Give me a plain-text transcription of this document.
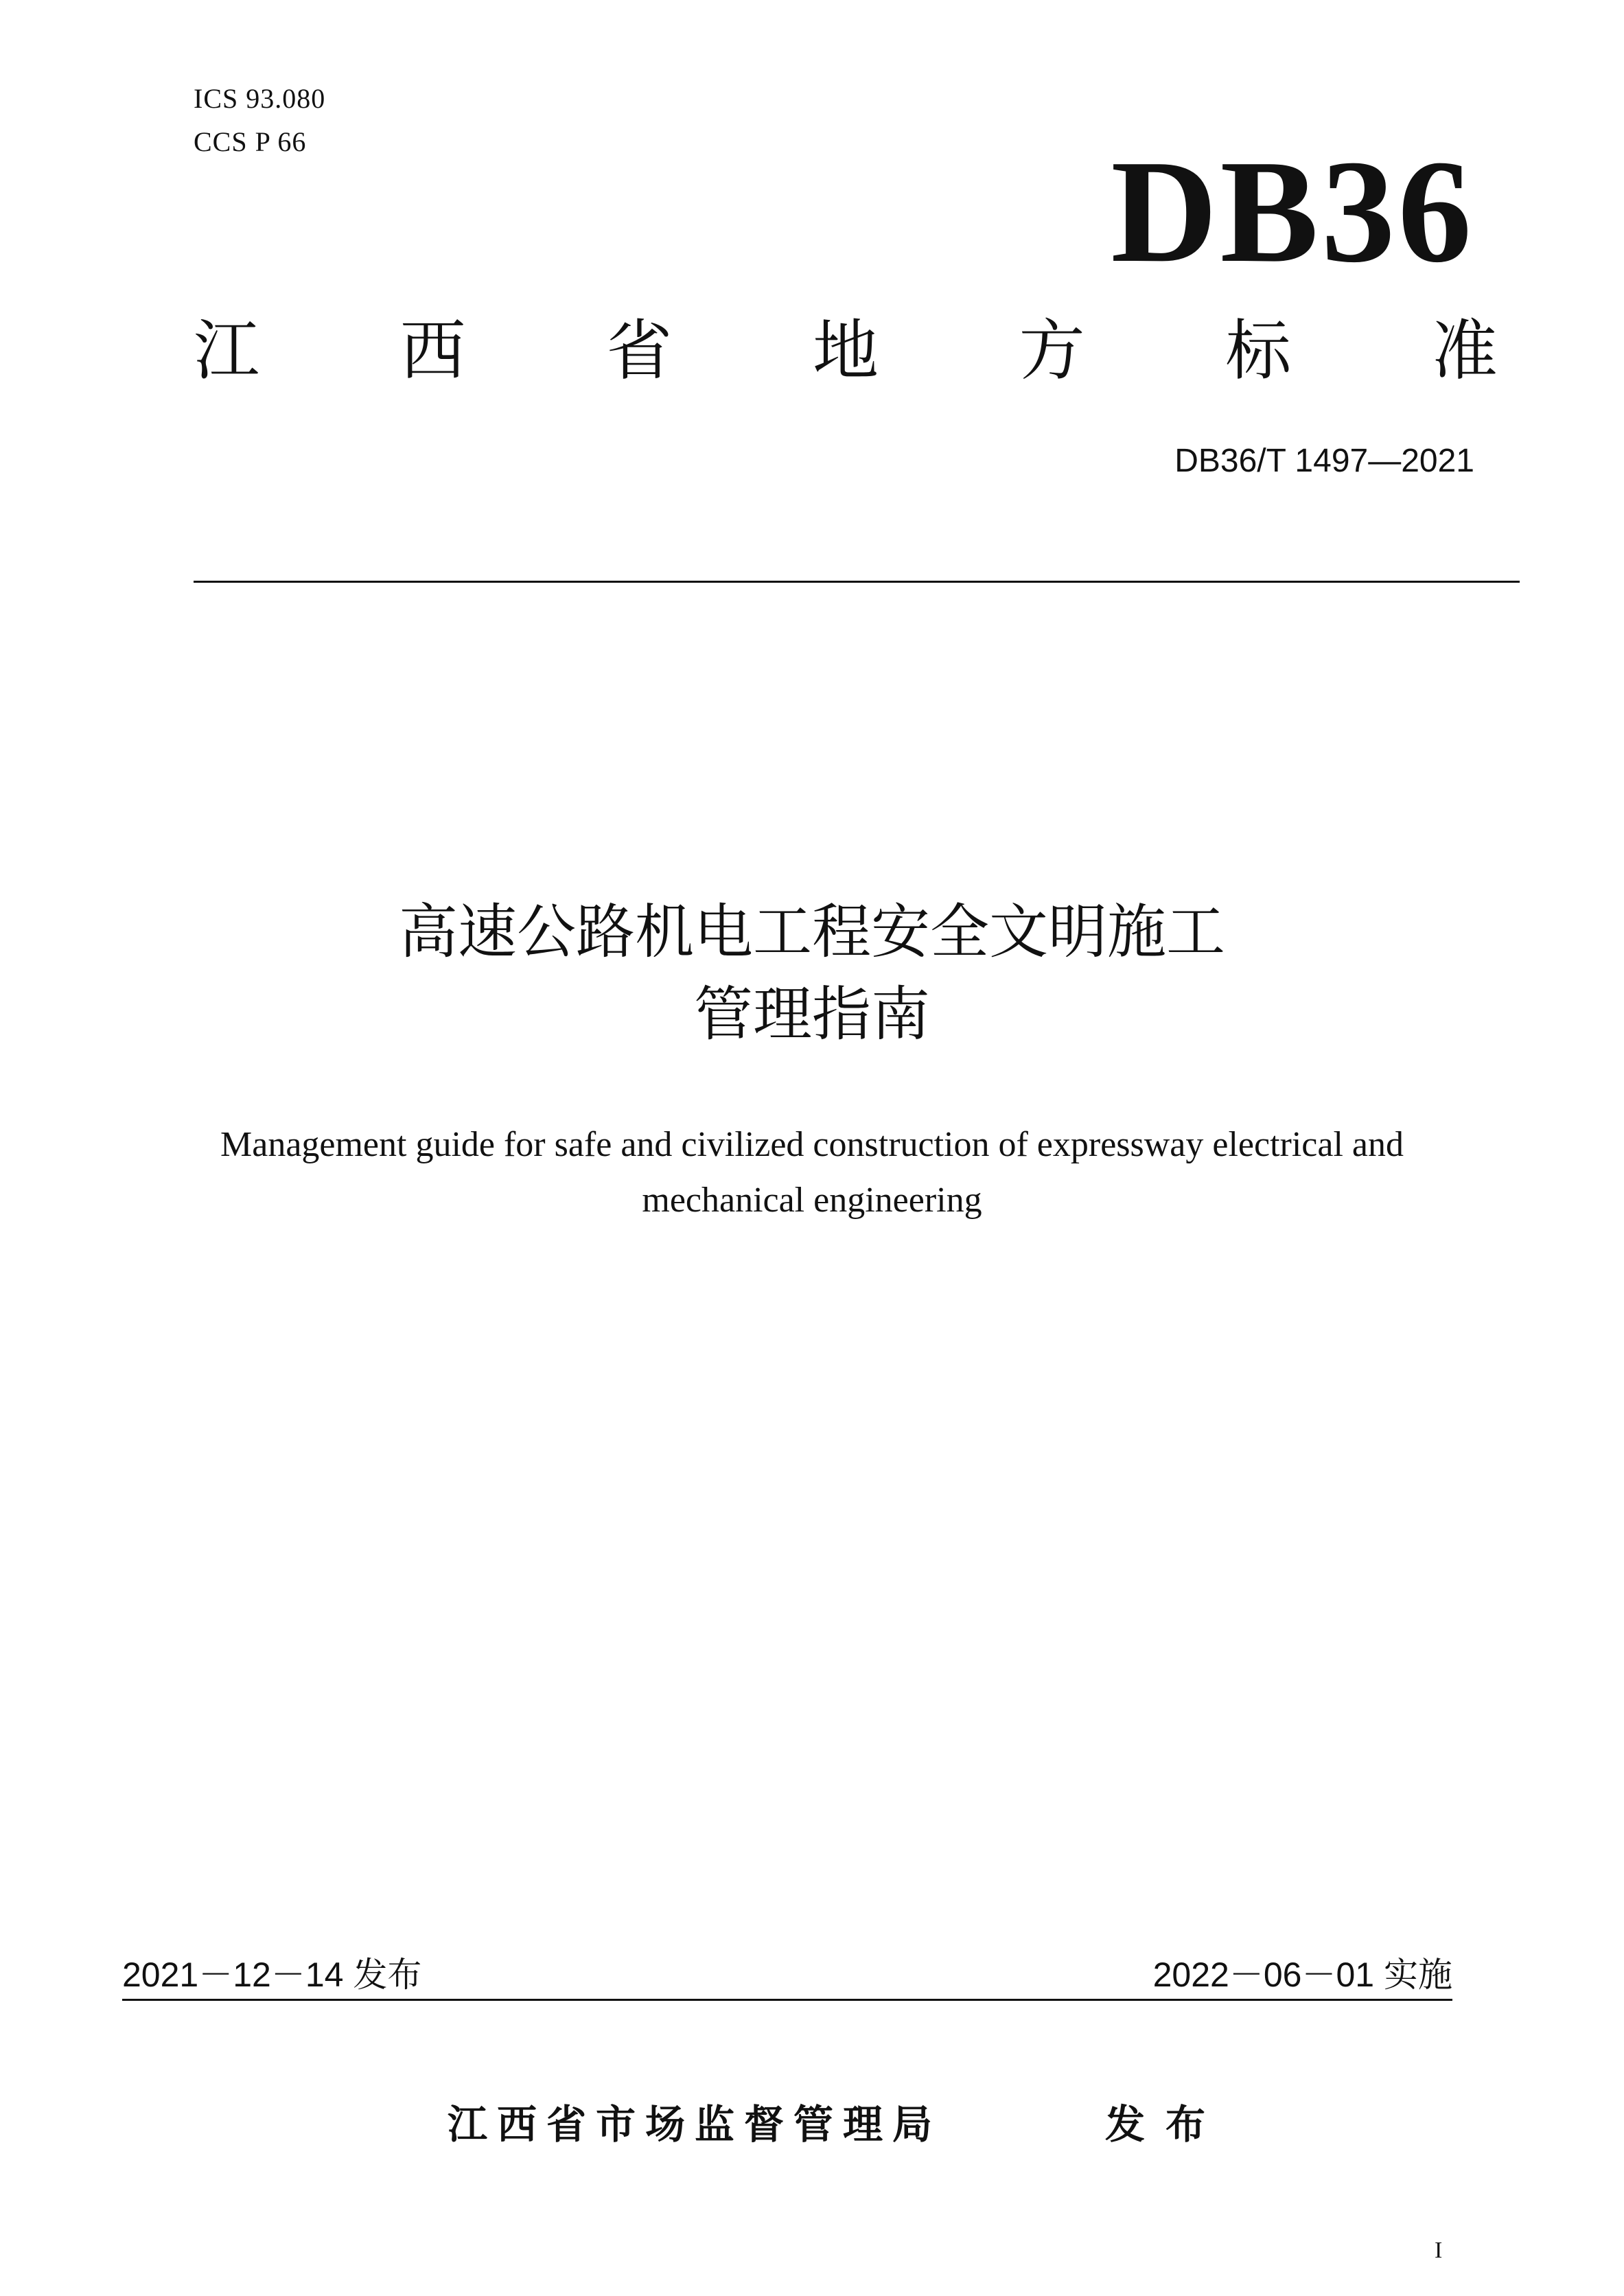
ICS 93.080
CCS P 66	DB36
江 西 省 地 方 标 准
DB36/T 1497—2021
高速公路机电工程安全文明施工
管理指南
Management guide for safe and civilized construction of expressway electrical and
mechanical engineering
2021－12－14 发布	2022－06－01 实施
江西省市场监督管理局	发布
I
